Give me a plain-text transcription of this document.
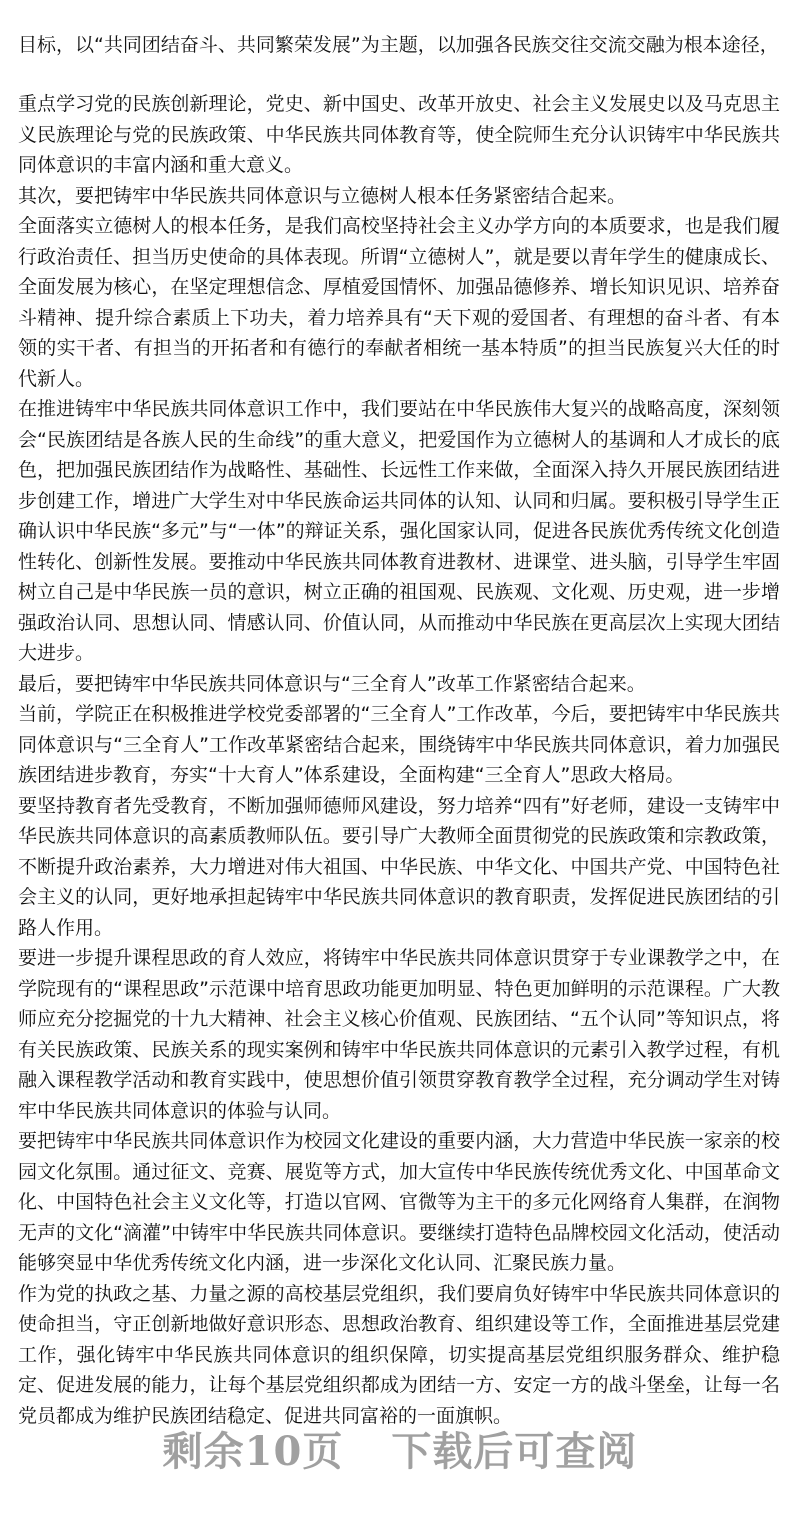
目标，以“共同团结奋斗、共同繁荣发展”为主题，以加强各民族交往交流交融为根本途径，

重点学习党的民族创新理论，党史、新中国史、改革开放史、社会主义发展史以及马克思主义民族理论与党的民族政策、中华民族共同体教育等，使全院师生充分认识铸牢中华民族共同体意识的丰富内涵和重大意义。

其次，要把铸牢中华民族共同体意识与立德树人根本任务紧密结合起来。

全面落实立德树人的根本任务，是我们高校坚持社会主义办学方向的本质要求，也是我们履行政治责任、担当历史使命的具体表现。所谓“立德树人”，就是要以青年学生的健康成长、全面发展为核心，在坚定理想信念、厚植爱国情怀、加强品德修养、增长知识见识、培养奋斗精神、提升综合素质上下功夫，着力培养具有“天下观的爱国者、有理想的奋斗者、有本领的实干者、有担当的开拓者和有德行的奉献者相统一基本特质”的担当民族复兴大任的时代新人。

在推进铸牢中华民族共同体意识工作中，我们要站在中华民族伟大复兴的战略高度，深刻领会“民族团结是各族人民的生命线”的重大意义，把爱国作为立德树人的基调和人才成长的底色，把加强民族团结作为战略性、基础性、长远性工作来做，全面深入持久开展民族团结进步创建工作，增进广大学生对中华民族命运共同体的认知、认同和归属。要积极引导学生正确认识中华民族“多元”与“一体”的辩证关系，强化国家认同，促进各民族优秀传统文化创造性转化、创新性发展。要推动中华民族共同体教育进教材、进课堂、进头脑，引导学生牢固树立自己是中华民族一员的意识，树立正确的祖国观、民族观、文化观、历史观，进一步增强政治认同、思想认同、情感认同、价值认同，从而推动中华民族在更高层次上实现大团结大进步。

最后，要把铸牢中华民族共同体意识与“三全育人”改革工作紧密结合起来。

当前，学院正在积极推进学校党委部署的“三全育人”工作改革，今后，要把铸牢中华民族共同体意识与“三全育人”工作改革紧密结合起来，围绕铸牢中华民族共同体意识，着力加强民族团结进步教育，夯实“十大育人”体系建设，全面构建“三全育人”思政大格局。

要坚持教育者先受教育，不断加强师德师风建设，努力培养“四有”好老师，建设一支铸牢中华民族共同体意识的高素质教师队伍。要引导广大教师全面贯彻党的民族政策和宗教政策，不断提升政治素养，大力增进对伟大祖国、中华民族、中华文化、中国共产党、中国特色社会主义的认同，更好地承担起铸牢中华民族共同体意识的教育职责，发挥促进民族团结的引路人作用。

要进一步提升课程思政的育人效应，将铸牢中华民族共同体意识贯穿于专业课教学之中，在学院现有的“课程思政”示范课中培育思政功能更加明显、特色更加鲜明的示范课程。广大教师应充分挖掘党的十九大精神、社会主义核心价值观、民族团结、“五个认同”等知识点，将有关民族政策、民族关系的现实案例和铸牢中华民族共同体意识的元素引入教学过程，有机融入课程教学活动和教育实践中，使思想价值引领贯穿教育教学全过程，充分调动学生对铸牢中华民族共同体意识的体验与认同。

要把铸牢中华民族共同体意识作为校园文化建设的重要内涵，大力营造中华民族一家亲的校园文化氛围。通过征文、竞赛、展览等方式，加大宣传中华民族传统优秀文化、中国革命文化、中国特色社会主义文化等，打造以官网、官微等为主干的多元化网络育人集群，在润物无声的文化“滴灌”中铸牢中华民族共同体意识。要继续打造特色品牌校园文化活动，使活动能够突显中华优秀传统文化内涵，进一步深化文化认同、汇聚民族力量。

作为党的执政之基、力量之源的高校基层党组织，我们要肩负好铸牢中华民族共同体意识的使命担当，守正创新地做好意识形态、思想政治教育、组织建设等工作，全面推进基层党建工作，强化铸牢中华民族共同体意识的组织保障，切实提高基层党组织服务群众、维护稳定、促进发展的能力，让每个基层党组织都成为团结一方、安定一方的战斗堡垒，让每一名党员都成为维护民族团结稳定、促进共同富裕的一面旗帜。

剩余10页 下载后可查阅
